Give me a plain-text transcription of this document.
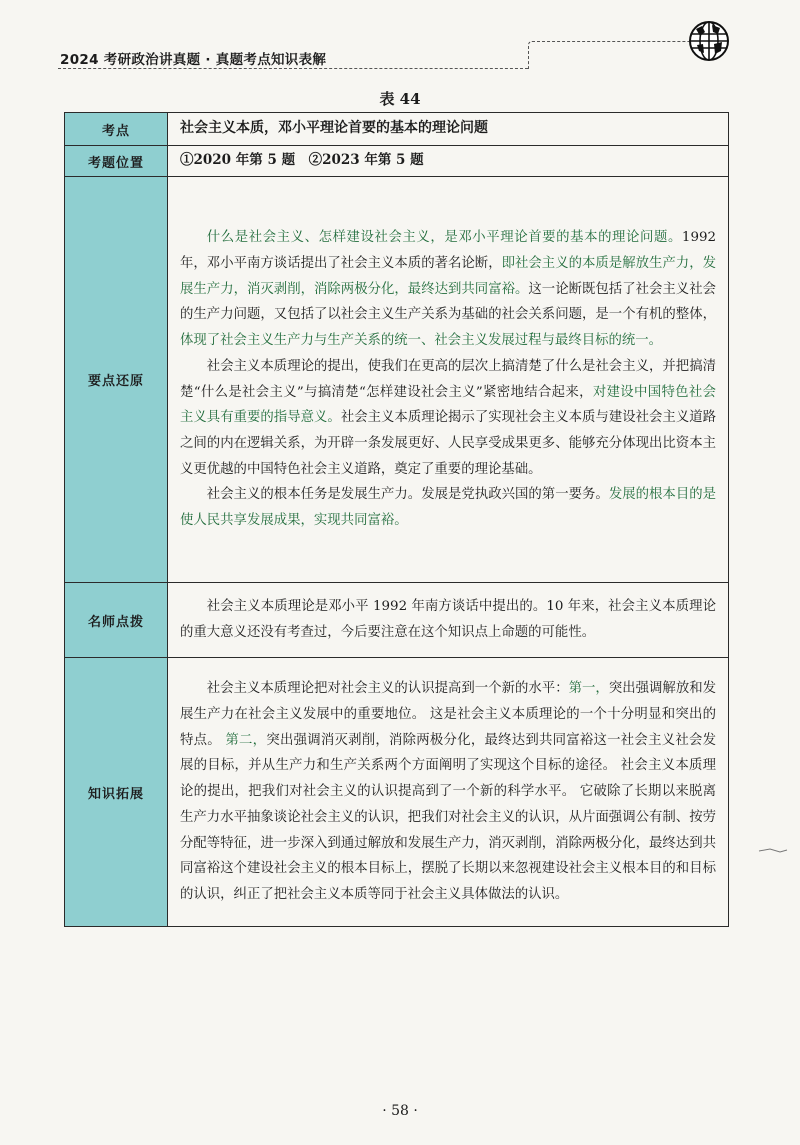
2024 考研政治讲真题 · 真题考点知识表解
表 44
考点	社会主义本质，邓小平理论首要的基本的理论问题
考题位置	①2020 年第 5 题　②2023 年第 5 题
要点还原	什么是社会主义、怎样建设社会主义，是邓小平理论首要的基本的理论问题。1992 年，邓小平南方谈话提出了社会主义本质的著名论断，即社会主义的本质是解放生产力，发展生产力，消灭剥削，消除两极分化，最终达到共同富裕。这一论断既包括了社会主义社会的生产力问题，又包括了以社会主义生产关系为基础的社会关系问题，是一个有机的整体，体现了社会主义生产力与生产关系的统一、社会主义发展过程与最终目标的统一。

社会主义本质理论的提出，使我们在更高的层次上搞清楚了什么是社会主义，并把搞清楚“什么是社会主义”与搞清楚“怎样建设社会主义”紧密地结合起来，对建设中国特色社会主义具有重要的指导意义。社会主义本质理论揭示了实现社会主义本质与建设社会主义道路之间的内在逻辑关系，为开辟一条发展更好、人民享受成果更多、能够充分体现出比资本主义更优越的中国特色社会主义道路，奠定了重要的理论基础。

社会主义的根本任务是发展生产力。发展是党执政兴国的第一要务。发展的根本目的是使人民共享发展成果，实现共同富裕。

名师点拨	社会主义本质理论是邓小平 1992 年南方谈话中提出的。10 年来，社会主义本质理论的重大意义还没有考查过，今后要注意在这个知识点上命题的可能性。

知识拓展	社会主义本质理论把对社会主义的认识提高到一个新的水平：第一，突出强调解放和发展生产力在社会主义发展中的重要地位。 这是社会主义本质理论的一个十分明显和突出的特点。 第二，突出强调消灭剥削，消除两极分化，最终达到共同富裕这一社会主义社会发展的目标，并从生产力和生产关系两个方面阐明了实现这个目标的途径。 社会主义本质理论的提出，把我们对社会主义的认识提高到了一个新的科学水平。 它破除了长期以来脱离生产力水平抽象谈论社会主义的认识，把我们对社会主义的认识，从片面强调公有制、按劳分配等特征，进一步深入到通过解放和发展生产力，消灭剥削，消除两极分化，最终达到共同富裕这个建设社会主义的根本目标上，摆脱了长期以来忽视建设社会主义根本目的和目标的认识，纠正了把社会主义本质等同于社会主义具体做法的认识。

· 58 ·
